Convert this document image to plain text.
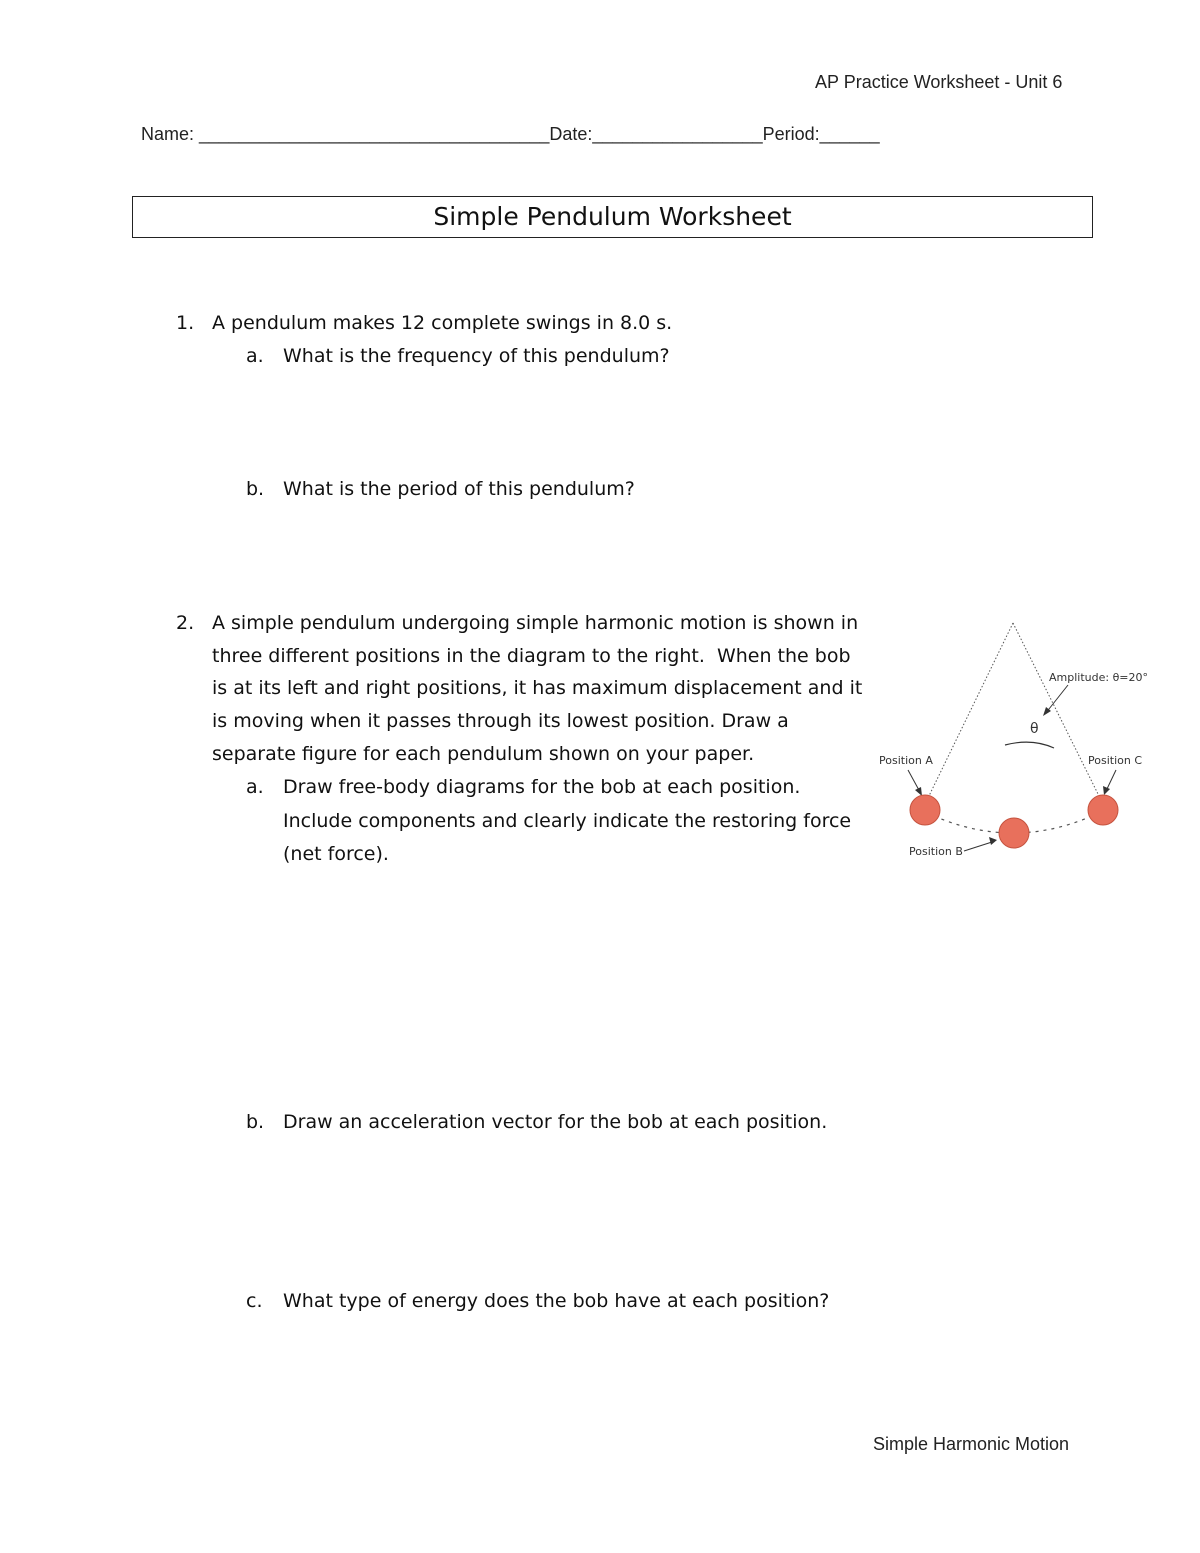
AP Practice Worksheet - Unit 6
Name: ___________________________________Date:_________________Period:______
Simple Pendulum Worksheet
1. A pendulum makes 12 complete swings in 8.0 s.
a. What is the frequency of this pendulum?
b. What is the period of this pendulum?
2. A simple pendulum undergoing simple harmonic motion is shown in
three different positions in the diagram to the right.  When the bob
is at its left and right positions, it has maximum displacement and it
is moving when it passes through its lowest position. Draw a
separate figure for each pendulum shown on your paper.
a. Draw free-body diagrams for the bob at each position.
Include components and clearly indicate the restoring force
(net force).
b. Draw an acceleration vector for the bob at each position.
c. What type of energy does the bob have at each position?
Amplitude: θ=20°
θ
Position A	Position C
Position B
Simple Harmonic Motion
